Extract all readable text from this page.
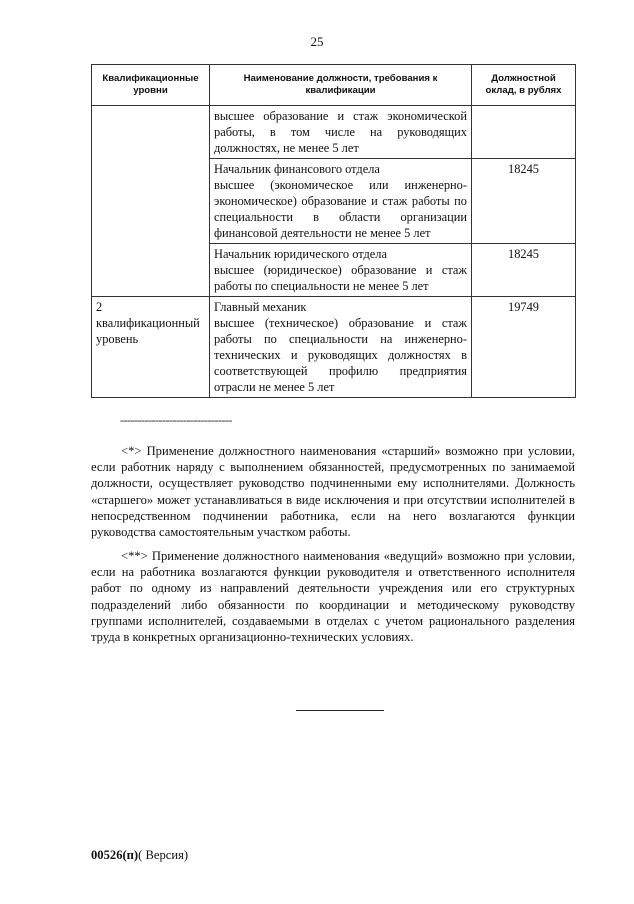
25
Квалификационные уровни	Наименование должности, требования к квалификации	Должностной оклад, в рублях

	высшее образование и стаж экономической работы, в том числе на руководящих должностях, не менее 5 лет	

	Начальник финансового отдела
высшее (экономическое или инженерно-экономическое) образование и стаж работы по специальности в области организации финансовой деятельности не менее 5 лет	18245

	Начальник юридического отдела
высшее (юридическое) образование и стаж работы по специальности не менее 5 лет	18245
2 квалификационный уровень	Главный механик
высшее (техническое) образование и стаж работы по специальности на инженерно-технических и руководящих должностях в соответствующей профилю предприятия отрасли не менее 5 лет	19749
--------------------------------

<*> Применение должностного наименования «старший» возможно при условии, если работник наряду с выполнением обязанностей, предусмотренных по занимаемой должности, осуществляет руководство подчиненными ему исполнителями. Должность «старшего» может устанавливаться в виде исключения и при отсутствии исполнителей в непосредственном подчинении работника, если на него возлагаются функции руководства самостоятельным участком работы.

<**> Применение должностного наименования «ведущий» возможно при условии, если на работника возлагаются функции руководителя и ответственного исполнителя работ по одному из направлений деятельности учреждения или его структурных подразделений либо обязанности по координации и методическому руководству группами исполнителей, создаваемыми в отделах с учетом рационального разделения труда в конкретных организационно-технических условиях.

00526(п)( Версия)
